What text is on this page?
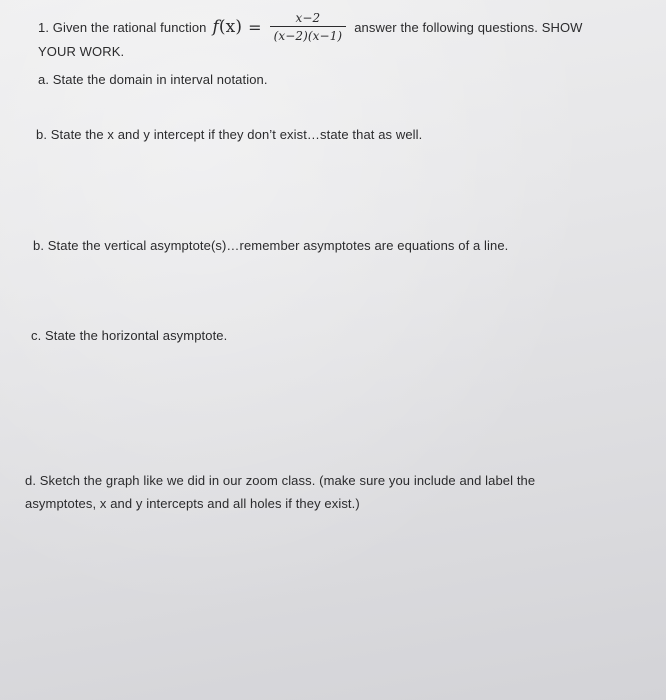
1. Given the rational function $f(x) = \frac{x-2}{(x-2)(x-1)}$ answer the following questions. SHOW
YOUR WORK.
a. State the domain in interval notation.
b. State the x and y intercept if they don’t exist…state that as well.
b. State the vertical asymptote(s)…remember asymptotes are equations of a line.
c. State the horizontal asymptote.
d. Sketch the graph like we did in our zoom class. (make sure you include and label the
asymptotes, x and y intercepts and all holes if they exist.)
